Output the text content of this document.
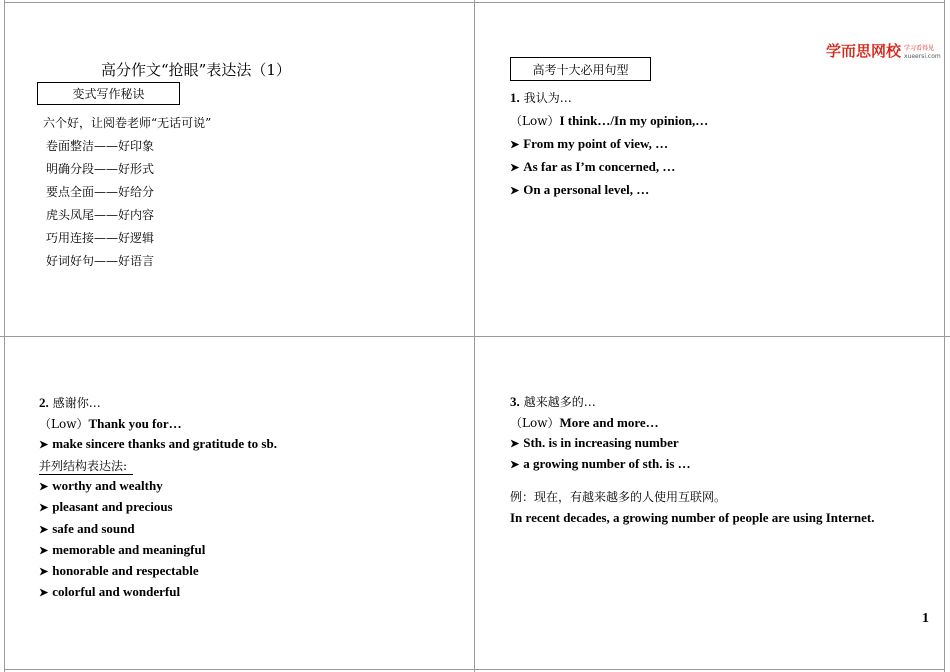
学而思网校 学习看得见
xueersi.com
高分作文“抢眼”表达法（1）
变式写作秘诀
六个好，让阅卷老师“无话可说”
卷面整洁——好印象
明确分段——好形式
要点全面——好给分
虎头凤尾——好内容
巧用连接——好逻辑
好词好句——好语言
高考十大必用句型
1. 我认为…
（Low）I think…/In my opinion,…
➤ From my point of view, …
➤ As far as I’m concerned, …
➤ On a personal level, …
2. 感谢你…
（Low）Thank you for…
➤ make sincere thanks and gratitude to sb.
并列结构表达法:
➤ worthy and wealthy
➤ pleasant and precious
➤ safe and sound
➤ memorable and meaningful
➤ honorable and respectable
➤ colorful and wonderful
3. 越来越多的…
（Low）More and more…
➤ Sth. is in increasing number
➤ a growing number of sth. is …
例：现在，有越来越多的人使用互联网。
In recent decades, a growing number of people are using Internet.
1
